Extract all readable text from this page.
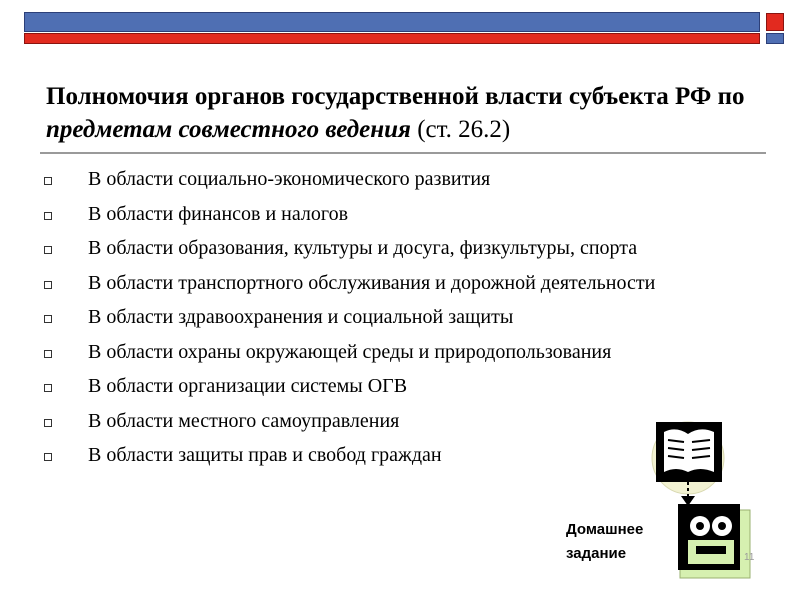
Полномочия органов государственной власти субъекта РФ по предметам совместного ведения (ст. 26.2)
В области социально-экономического развития
В области финансов и налогов
В области образования, культуры и досуга, физкультуры, спорта
В области транспортного обслуживания и дорожной деятельности
В области здравоохранения и социальной защиты
В области охраны окружающей среды и природопользования
В области организации системы ОГВ
В области местного самоуправления
В области защиты прав и свобод граждан
Домашнее
задание	11
